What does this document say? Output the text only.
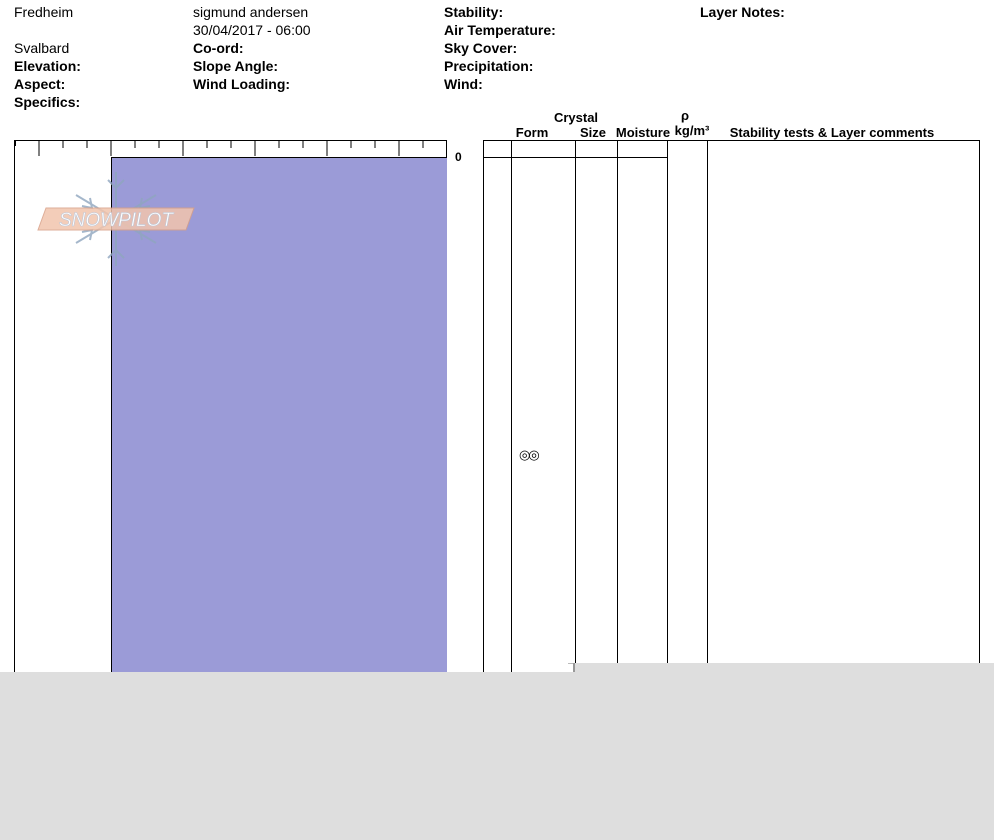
Fredheim
Svalbard
Elevation:
Aspect:
Specifics:
sigmund andersen
30/04/2017 - 06:00
Co-ord:
Slope Angle:
Wind Loading:
Stability:
Air Temperature:
Sky Cover:
Precipitation:
Wind:
Layer Notes:
0
SNOWPILOT
Crystal
Form	Size Moisture
ρ
kg/m³	Stability tests & Layer comments
◎◎
